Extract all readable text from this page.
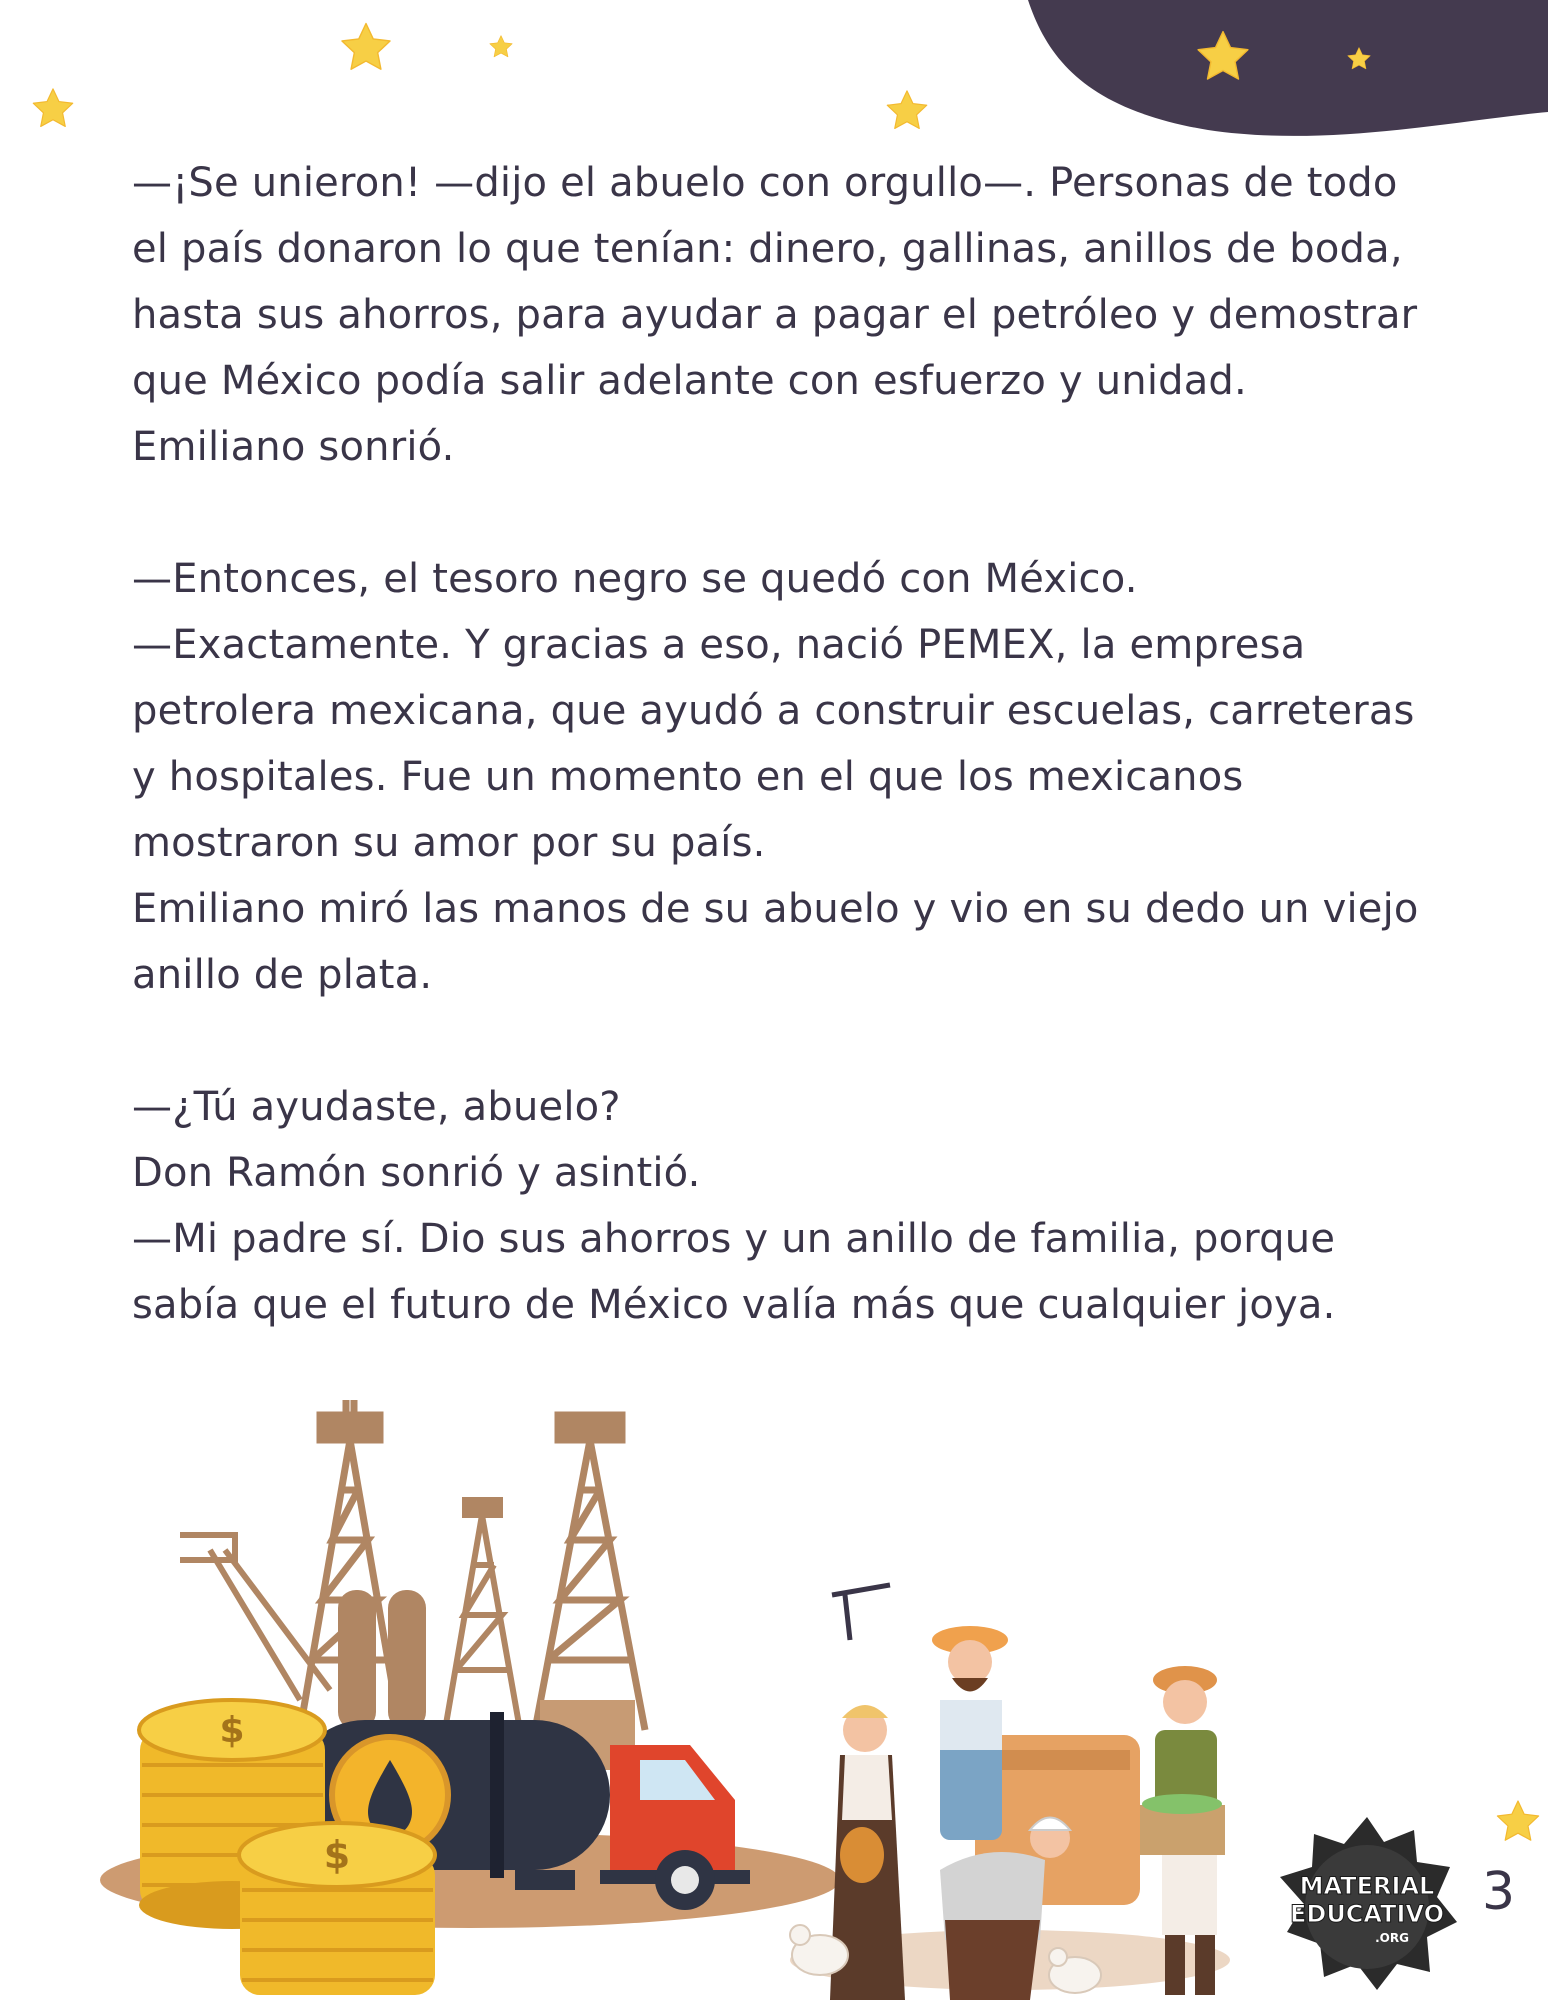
—¡Se unieron! —dijo el abuelo con orgullo—. Personas de todo el país donaron lo que tenían: dinero, gallinas, anillos de boda, hasta sus ahorros, para ayudar a pagar el petróleo y demostrar que México podía salir adelante con esfuerzo y unidad.

Emiliano sonrió.

—Entonces, el tesoro negro se quedó con México.

—Exactamente. Y gracias a eso, nació PEMEX, la empresa petrolera mexicana, que ayudó a construir escuelas, carreteras y hospitales. Fue un momento en el que los mexicanos mostraron su amor por su país.

Emiliano miró las manos de su abuelo y vio en su dedo un viejo anillo de plata.

—¿Tú ayudaste, abuelo?

Don Ramón sonrió y asintió.

—Mi padre sí. Dio sus ahorros y un anillo de familia, porque sabía que el futuro de México valía más que cualquier joya.

$
$
MATERIAL
EDUCATIVO
.ORG
3
